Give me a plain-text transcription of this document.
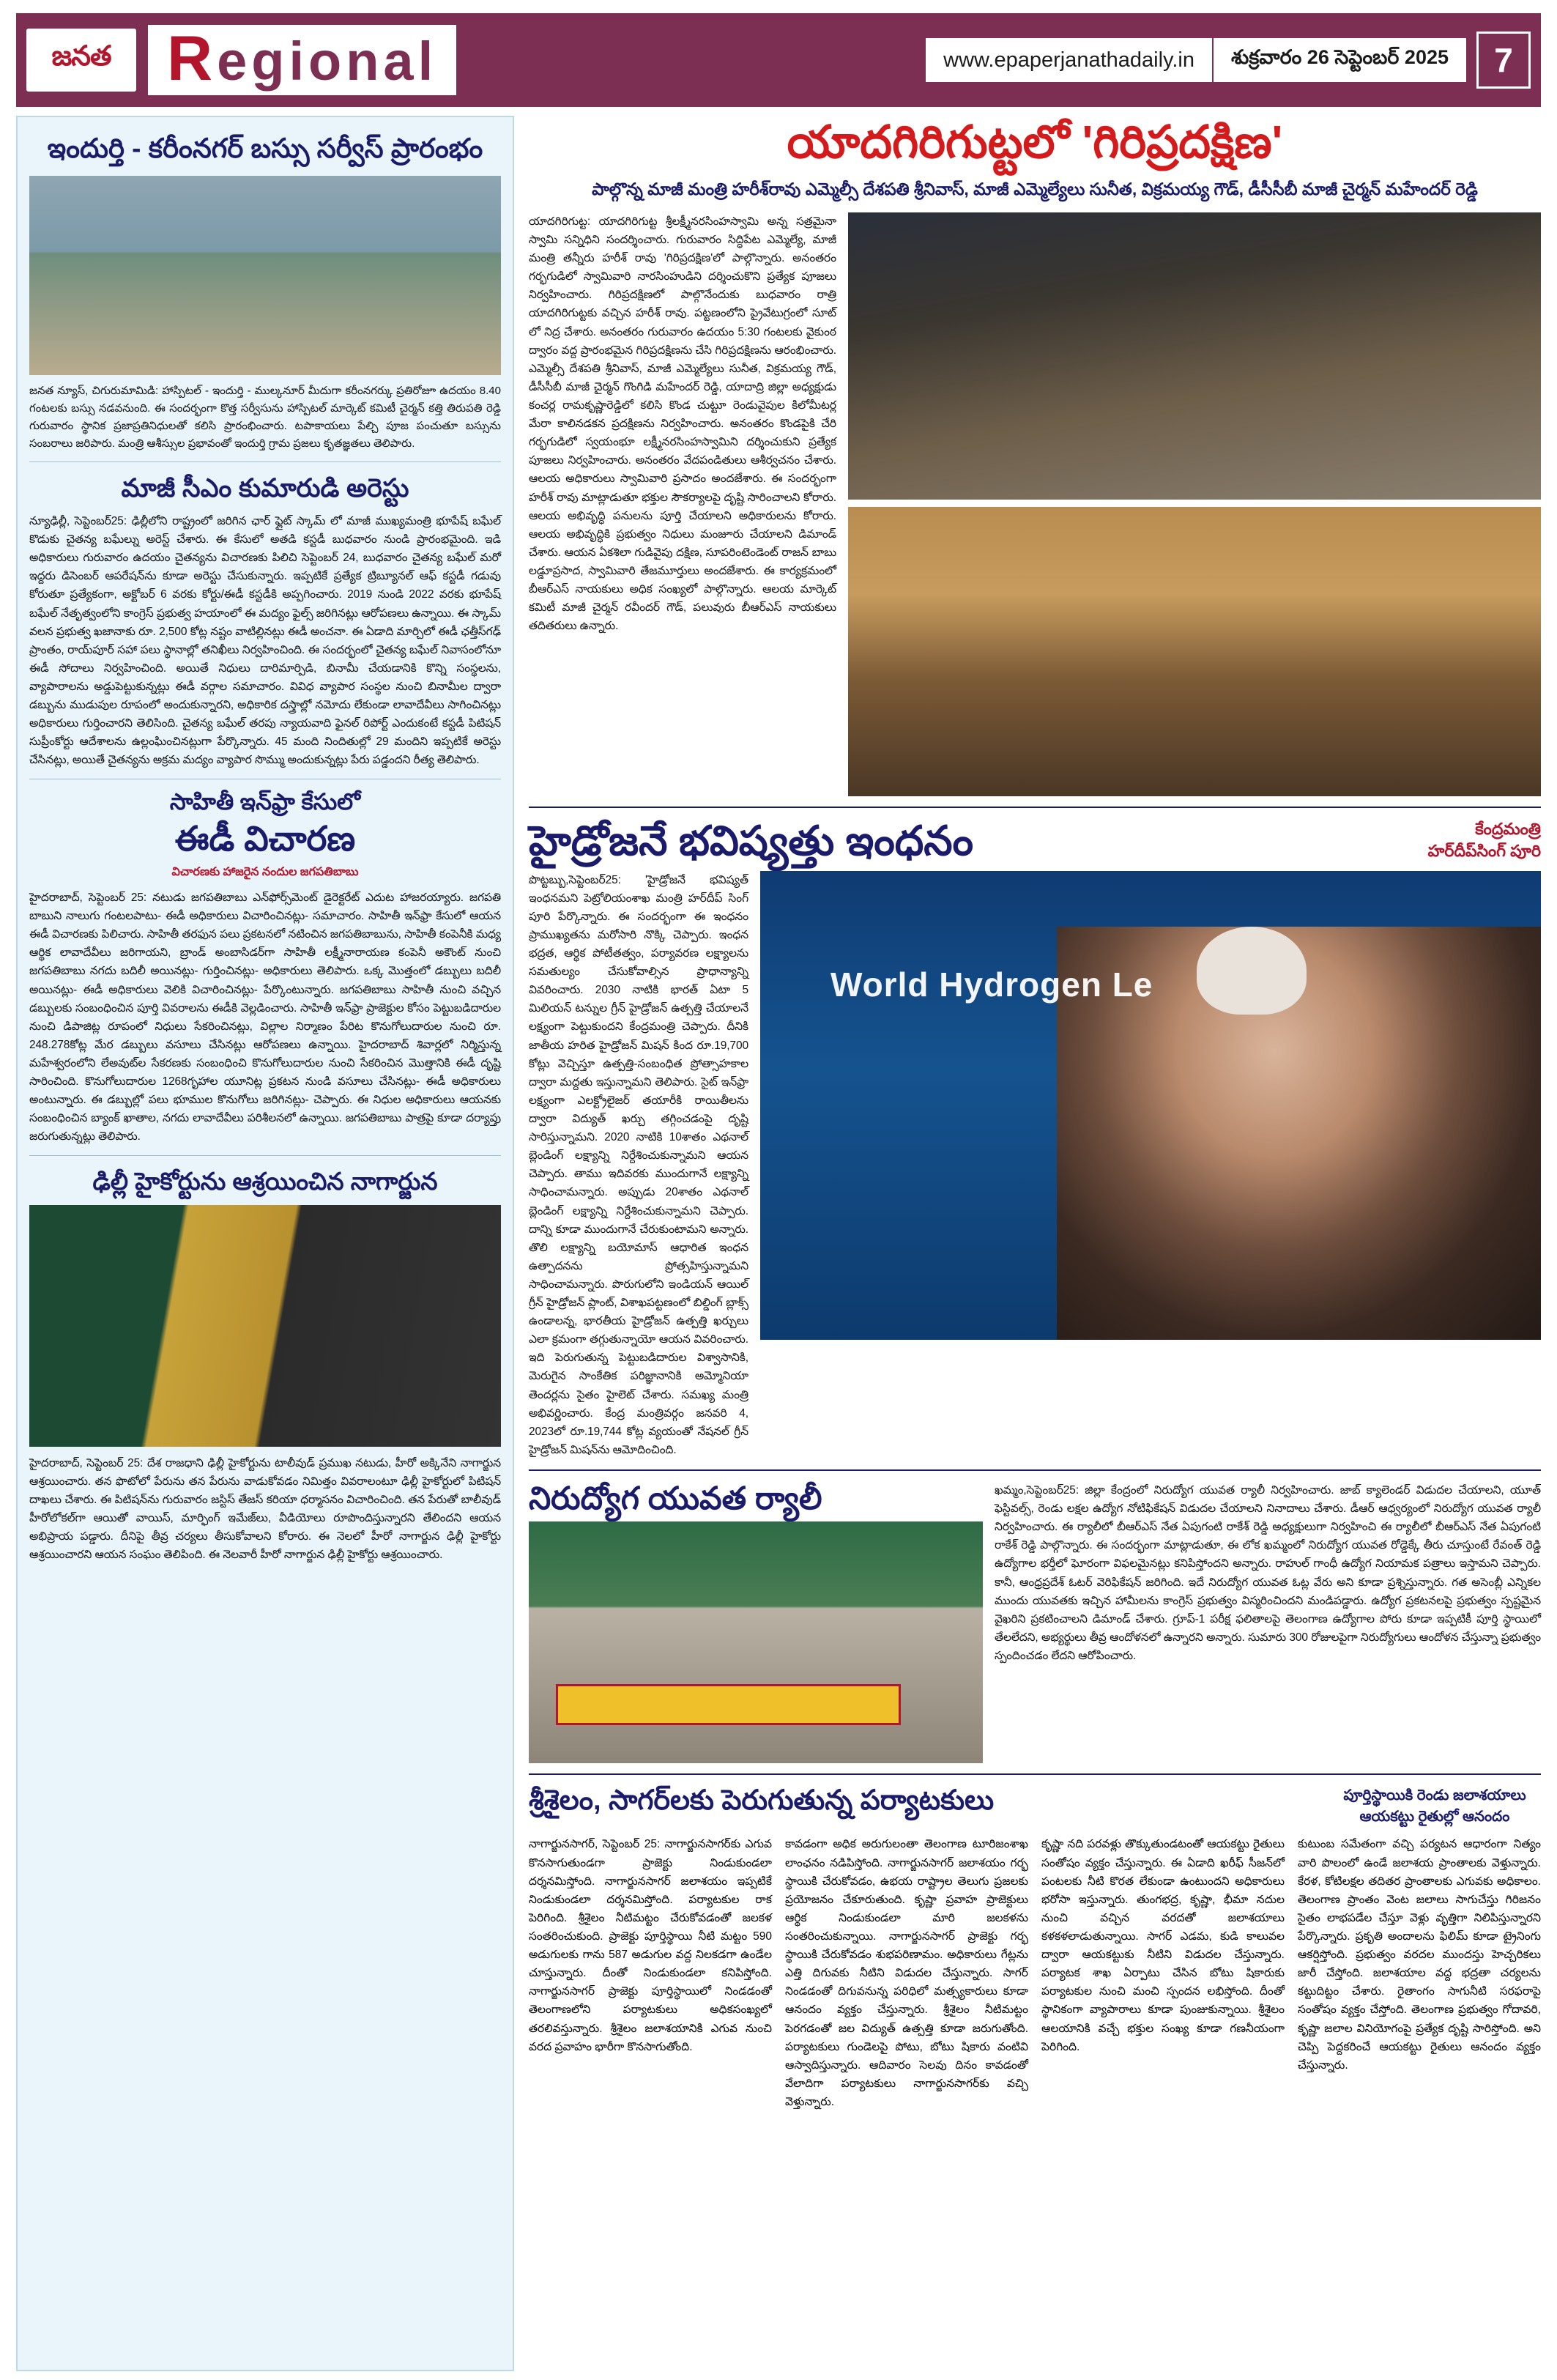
జనత Regional	www.epaperjanathadaily.in	శుక్రవారం 26 సెప్టెంబర్ 2025	7
ఇందుర్తి - కరీంనగర్ బస్సు సర్వీస్ ప్రారంభం
జనత న్యూస్, చిగురుమామిడి: హాస్పిటల్ - ఇందుర్తి - ముల్కనూర్ మీదుగా కరీంనగర్కు ప్రతిరోజూ ఉదయం 8.40 గంటలకు బస్సు నడవనుంది. ఈ సందర్భంగా కొత్త సర్వీసును హాస్పిటల్ మార్కెట్ కమిటీ చైర్మన్ కత్తి తిరుపతి రెడ్డి గురువారం స్థానిక ప్రజాప్రతినిధులతో కలిసి ప్రారంభించారు. టపాకాయలు పేల్చి పూజ పంచుతూ బస్సును సంబరాలు జరిపారు. మంత్రి ఆశీస్సుల ప్రభావంతో ఇందుర్తి గ్రామ ప్రజలు కృతజ్ఞతలు తెలిపారు.
మాజీ సీఎం కుమారుడి అరెస్టు
న్యూఢిల్లీ, సెప్టెంబర్25: ఢిల్లీలోని రాష్ట్రంలో జరిగిన ఛార్ ఫ్లైట్ స్కామ్ లో మాజీ ముఖ్యమంత్రి భూపేష్ బఘేల్ కొడుకు చైతన్య బఘేల్ను అరెస్ట్ చేశారు. ఈ కేసులో అతడి కస్టడీ బుధవారం నుండి ప్రారంభమైంది. ఇడి అధికారులు గురువారం ఉదయం చైతన్యను విచారణకు పిలిచి సెప్టెంబర్ 24, బుధవారం చైతన్య బఘేల్ మరో ఇద్దరు డిసెంబర్ ఆపరేషన్‌ను కూడా అరెస్టు చేసుకున్నారు. ఇప్పటికే ప్రత్యేక ట్రిబ్యూనల్ ఆఫ్ కస్టడీ గడువు కోరుతూ ప్రత్యేకంగా, అక్టోబర్ 6 వరకు కోర్టు/ఈడీ కస్టడీకి అప్పగించారు. 2019 నుండి 2022 వరకు భూపేష్ బఘేల్ నేతృత్వంలోని కాంగ్రెస్ ప్రభుత్వ హయాంలో ఈ మద్యం ఫైల్స్ జరిగినట్లు ఆరోపణలు ఉన్నాయి. ఈ స్కామ్ వలన ప్రభుత్వ ఖజానాకు రూ. 2,500 కోట్ల నష్టం వాటిల్లినట్లు ఈడీ అంచనా. ఈ ఏడాది మార్చిలో ఈడీ ఛత్తీస్‌గఢ్ ప్రాంతం, రాయ్‌పూర్ సహా పలు స్థానాల్లో తనిఖీలు నిర్వహించింది. ఈ సందర్భంలో చైతన్య బఘేల్ నివాసంలోనూ ఈడీ సోదాలు నిర్వహించింది. అయితే నిధులు దారిమార్పిడి, బినామీ చేయడానికి కొన్ని సంస్థలను, వ్యాపారాలను అడ్డుపెట్టుకున్నట్లు ఈడీ వర్గాల సమాచారం. వివిధ వ్యాపార సంస్థల నుంచి బినామీల ద్వారా డబ్బును ముడుపుల రూపంలో అందుకున్నారని, అధికారిక దస్త్రాల్లో నమోదు లేకుండా లావాదేవీలు సాగించినట్లు అధికారులు గుర్తించారని తెలిసింది. చైతన్య బఘేల్ తరపు న్యాయవాది ఫైనల్ రిపోర్ట్ ఎందుకంటే కస్టడీ పిటిషన్ సుప్రీంకోర్టు ఆదేశాలను ఉల్లంఘించినట్లుగా పేర్కొన్నారు. 45 మంది నిందితుల్లో 29 మందిని ఇప్పటికే అరెస్టు చేసినట్లు, అయితే చైతన్యను అక్రమ మద్యం వ్యాపార సొమ్ము అందుకున్నట్లు పేరు పడ్డందని రీత్య తెలిపారు.
సాహితీ ఇన్‌ఫ్రా కేసులో
ఈడీ విచారణ
విచారణకు హాజరైన నందుల జగపతిబాబు
హైదరాబాద్, సెప్టెంబర్ 25: నటుడు జగపతిబాబు ఎన్‌ఫోర్స్‌మెంట్ డైరెక్టరేట్ ఎదుట హాజరయ్యారు. జగపతి బాబుని నాలుగు గంటలపాటు- ఈడీ అధికారులు విచారించినట్లు- సమాచారం. సాహితీ ఇన్‌ఫ్రా కేసులో ఆయన ఈడీ విచారణకు పిలిచారు. సాహితీ తరఫున పలు ప్రకటనలో నటించిన జగపతిబాబును, సాహితీ కంపెనీకి మధ్య ఆర్థిక లావాదేవీలు జరిగాయని, బ్రాండ్ అంబాసిడర్‌గా సాహితీ లక్ష్మీనారాయణ కంపెనీ అకౌంట్ నుంచి జగపతిబాబు నగదు బదిలీ అయినట్లు- గుర్తించినట్లు- అధికారులు తెలిపారు. ఒక్క మొత్తంలో డబ్బులు బదిలీ అయినట్లు- ఈడీ అధికారులు వెలికి విచారించినట్లు- పేర్కొంటున్నారు. జగపతిబాబు సాహితీ నుంచి వచ్చిన డబ్బులకు సంబంధించిన పూర్తి వివరాలను ఈడీకి వెల్లడించారు. సాహితీ ఇన్‌ఫ్రా ప్రాజెక్టుల కోసం పెట్టుబడిదారుల నుంచి డిపాజిట్ల రూపంలో నిధులు సేకరించినట్లు, విల్లాల నిర్మాణం పేరిట కొనుగోలుదారుల నుంచి రూ. 248.278కోట్ల మేర డబ్బులు వసూలు చేసినట్లు ఆరోపణలు ఉన్నాయి. హైదరాబాద్ శివార్లలో నిర్మిస్తున్న మహేశ్వరంలోని లేఅవుట్‌ల సేకరణకు సంబంధించి కొనుగోలుదారుల నుంచి సేకరించిన మొత్తానికి ఈడీ దృష్టి సారించింది. కొనుగోలుదారుల 1268గృహాల యూనిట్ల ప్రకటన నుండి వసూలు చేసినట్లు- ఈడీ అధికారులు అంటున్నారు. ఈ డబ్బుల్లో పలు భూముల కొనుగోలు జరిగినట్లు- చెప్పారు. ఈ నిధుల అధికారులు ఆయనకు సంబంధించిన బ్యాంక్ ఖాతాల, నగదు లావాదేవీలు పరిశీలనలో ఉన్నాయి. జగపతిబాబు పాత్రపై కూడా దర్యాప్తు జరుగుతున్నట్లు తెలిపారు.
ఢిల్లీ హైకోర్టును ఆశ్రయించిన నాగార్జున
హైదరాబాద్, సెప్టెంబర్ 25: దేశ రాజధాని ఢిల్లీ హైకోర్టును టాలీవుడ్ ప్రముఖ నటుడు, హీరో అక్కినేని నాగార్జున ఆశ్రయించారు. తన ఫొటోలో పేరును తన పేరును వాడుకోవడం నిమిత్తం వివరాలంటూ ఢిల్లీ హైకోర్టులో పిటిషన్ దాఖలు చేశారు. ఈ పిటిషన్‌ను గురువారం జస్టిస్ తేజస్ కరియా ధర్మాసనం విచారించింది. తన పేరుతో బాలీవుడ్ హీరోలోకల్‌గా ఆయితో వాయిస్, మార్ఫింగ్ ఇమేజ్‌లు, వీడియోలు రూపొందిస్తున్నారని తేలిందని ఆయన అభిప్రాయ పడ్డారు. దీనిపై తీవ్ర చర్యలు తీసుకోవాలని కోరారు. ఈ నెలలో హీరో నాగార్జున ఢిల్లీ హైకోర్టు ఆశ్రయించారని ఆయన సంఘం తెలిపింది. ఈ నెలవారీ హీరో నాగార్జున ఢిల్లీ హైకోర్టు ఆశ్రయించారు.
యాదగిరిగుట్టలో 'గిరిప్రదక్షిణ'
పాల్గొన్న మాజీ మంత్రి హరీశ్‌రావు ఎమ్మెల్సీ దేశపతి శ్రీనివాస్, మాజీ ఎమ్మెల్యేలు సునీత, విక్రమయ్య గౌడ్, డీసీసీబీ మాజీ చైర్మన్ మహేందర్ రెడ్డి
యాదగిరిగుట్ట: యాదగిరిగుట్ట శ్రీలక్ష్మీనరసింహస్వామి అన్న సత్రమైనా స్వామి సన్నిధిని సందర్శించారు. గురువారం సిద్ధిపేట ఎమ్మెల్యే, మాజీ మంత్రి తన్నీరు హరీశ్ రావు 'గిరిప్రదక్షిణ'లో పాల్గొన్నారు. అనంతరం గర్భగుడిలో స్వామివారి నారసింహుడిని దర్శించుకొని ప్రత్యేక పూజలు నిర్వహించారు. గిరిప్రదక్షిణలో పాల్గొనేందుకు బుధవారం రాత్రి యాదగిరిగుట్టకు వచ్చిన హరీశ్ రావు. పట్టణంలోని ప్రైవేటుగ్రంలో సూట్ లో నిద్ర చేశారు. అనంతరం గురువారం ఉదయం 5:30 గంటలకు వైకుంఠ ద్వారం వద్ద ప్రారంభమైన గిరిప్రదక్షిణను చేసి గిరిప్రదక్షిణను ఆరంభించారు. ఎమ్మెల్సీ దేశపతి శ్రీనివాస్, మాజీ ఎమ్మెల్యేలు సునీత, విక్రమయ్య గౌడ్, డీసీసీబీ మాజీ చైర్మన్ గొంగిడి మహేందర్ రెడ్డి, యాదాద్రి జిల్లా అధ్యక్షుడు కంచర్ల రామకృష్ణారెడ్డిలో కలిసి కొండ చుట్టూ రెండువైపుల కిలోమీటర్ల మేరా కాలినడకన ప్రదక్షిణను నిర్వహించారు. అనంతరం కొండపైకి చేరి గర్భగుడిలో స్వయంభూ లక్ష్మీనరసింహస్వామిని దర్శించుకుని ప్రత్యేక పూజలు నిర్వహించారు. అనంతరం వేదపండితులు ఆశీర్వచనం చేశారు. ఆలయ అధికారులు స్వామివారి ప్రసాదం అందజేశారు. ఈ సందర్భంగా హరీశ్ రావు మాట్లాడుతూ భక్తుల సౌకర్యాలపై దృష్టి సారించాలని కోరారు. ఆలయ అభివృద్ధి పనులను పూర్తి చేయాలని అధికారులను కోరారు. ఆలయ అభివృద్ధికి ప్రభుత్వం నిధులు మంజూరు చేయాలని డిమాండ్ చేశారు. ఆయన ఏకశిలా గుడివైపు దక్షిణ, సూపరింటెండెంట్ రాజన్ బాబు లడ్డూప్రసాద, స్వామివారి తేజమూర్తులు అందజేశారు. ఈ కార్యక్రమంలో బీఆర్ఎస్ నాయకులు అధిక సంఖ్యలో పాల్గొన్నారు. ఆలయ మార్కెట్ కమిటీ మాజీ చైర్మన్ రవీందర్ గౌడ్, పలువురు బీఆర్ఎస్ నాయకులు తదితరులు ఉన్నారు.
హైడ్రోజనే భవిష్యత్తు ఇంధనం	కేంద్రమంత్రి
హర్‌దీప్‌సింగ్ పూరి
పొట్టబ్బు,సెప్టెంబర్25: 'హైడ్రోజనే భవిష్యత్ ఇంధనమని పెట్రోలియంశాఖ మంత్రి హర్‌దీప్ సింగ్ పూరి పేర్కొన్నారు. ఈ సందర్భంగా ఈ ఇంధనం ప్రాముఖ్యతను మరోసారి నొక్కి చెప్పారు. ఇంధన భద్రత, ఆర్థిక పోటీతత్వం, పర్యావరణ లక్ష్యాలను సమతుల్యం చేసుకోవాల్సిన ప్రాధాన్యాన్ని వివరించారు. 2030 నాటికి భారత్ ఏటా 5 మిలియన్ టన్నుల గ్రీన్ హైడ్రోజన్ ఉత్పత్తి చేయాలనే లక్ష్యంగా పెట్టుకుందని కేంద్రమంత్రి చెప్పారు. దీనికి జాతీయ హరిత హైడ్రోజన్ మిషన్ కింద రూ.19,700 కోట్లు వెచ్చిస్తూ ఉత్పత్తి-సంబంధిత ప్రోత్సాహకాల ద్వారా మద్దతు ఇస్తున్నామని తెలిపారు. సైట్ ఇన్‌ఫ్రా లక్ష్యంగా ఎలక్ట్రోలైజర్ తయారీకి రాయితీలను ద్వారా విద్యుత్ ఖర్చు తగ్గించడంపై దృష్టి సారిస్తున్నామని. 2020 నాటికి 10శాతం ఎథనాల్ బ్లెండింగ్ లక్ష్యాన్ని నిర్దేశించుకున్నామని ఆయన చెప్పారు. తాము ఇదివరకు ముందుగానే లక్ష్యాన్ని సాధించామన్నారు. అప్పుడు 20శాతం ఎథనాల్ బ్లెండింగ్ లక్ష్యాన్ని నిర్దేశించుకున్నామని చెప్పారు. దాన్ని కూడా ముందుగానే చేరుకుంటామని అన్నారు. తొలి లక్ష్యాన్ని బయోమాస్ ఆధారిత ఇంధన ఉత్పాదనను ప్రోత్సహిస్తున్నామని సాధించామన్నారు. పొరుగులోని ఇండియన్ ఆయిల్ గ్రీన్ హైడ్రోజన్ ప్లాంట్, విశాఖపట్టణంలో బిల్డింగ్ బ్లాక్స్ ఉండాలన్న, భారతీయ హైడ్రోజన్ ఉత్పత్తి ఖర్చులు ఎలా క్రమంగా తగ్గుతున్నాయో ఆయన వివరించారు. ఇది పెరుగుతున్న పెట్టుబడిదారుల విశ్వాసానికి, మెరుగైన సాంకేతిక పరిజ్ఞానానికి అమ్మోనియా తెందర్లను సైతం హైలెట్ చేశారు. సమఖ్య మంత్రి అభివర్ణించారు. కేంద్ర మంత్రివర్గం జనవరి 4, 2023లో రూ.19,744 కోట్ల వ్యయంతో నేషనల్ గ్రీన్ హైడ్రోజన్ మిషన్‌ను ఆమోదించింది.
World Hydrogen Le
నిరుద్యోగ యువత ర్యాలీ	ఖమ్మం,సెప్టెంబర్25: జిల్లా కేంద్రంలో నిరుద్యోగ యువత ర్యాలీ నిర్వహించారు. జాబ్ క్యాలెండర్ విడుదల చేయాలని, యూత్ ఫెస్టివల్స్, రెండు లక్షల ఉద్యోగ నోటిఫికేషన్ విడుదల చేయాలని నినాదాలు చేశారు. డీఆర్ ఆధ్వర్యంలో నిరుద్యోగ యువత ర్యాలీ నిర్వహించారు. ఈ ర్యాలీలో బీఆర్ఎస్ నేత ఏపుగంటి రాకేశ్ రెడ్డి అధ్యక్షులుగా నిర్వహించి ఈ ర్యాలీలో బీఆర్ఎస్ నేత ఏపుగంటి రాకేశ్ రెడ్డి పాల్గొన్నారు. ఈ సందర్భంగా మాట్లాడుతూ, ఈ లోక ఖమ్మంలో నిరుద్యోగ యువత రోడ్డెక్కే తీరు చూస్తుంటే రేవంత్ రెడ్డి ఉద్యోగాల భర్తీలో ఘోరంగా విఫలమైనట్లు కనిపిస్తోందని అన్నారు. రాహుల్ గాంధీ ఉద్యోగ నియామక పత్రాలు ఇస్తామని చెప్పారు. కానీ, ఆంధ్రప్రదేశ్ ఓటర్ వెరిఫికేషన్ జరిగింది. ఇదే నిరుద్యోగ యువత ఓట్ల వేరు అని కూడా ప్రశ్నిస్తున్నారు. గత అసెంబ్లీ ఎన్నికల ముందు యువతకు ఇచ్చిన హామీలను కాంగ్రెస్ ప్రభుత్వం విస్మరించిందని మండిపడ్డారు. ఉద్యోగ ప్రకటనలపై ప్రభుత్వం స్పష్టమైన వైఖరిని ప్రకటించాలని డిమాండ్ చేశారు. గ్రూప్-1 పరీక్ష ఫలితాలపై తెలంగాణ ఉద్యోగాల పోరు కూడా ఇప్పటికీ పూర్తి స్థాయిలో తేలలేదని, అభ్యర్థులు తీవ్ర ఆందోళనలో ఉన్నారని అన్నారు. సుమారు 300 రోజులపైగా నిరుద్యోగులు ఆందోళన చేస్తున్నా ప్రభుత్వం స్పందించడం లేదని ఆరోపించారు.
శ్రీశైలం, సాగర్‌లకు పెరుగుతున్న పర్యాటకులు	పూర్తిస్థాయికి రెండు జలాశయాలు
ఆయకట్టు రైతుల్లో ఆనందం
నాగార్జునసాగర్, సెప్టెంబర్ 25: నాగార్జునసాగర్‌కు ఎగువ కొనసాగుతుండగా ప్రాజెక్టు నిండుకుండలా దర్శనమిస్తోంది. నాగార్జునసాగర్ జలాశయం ఇప్పటికే నిండుకుండలా దర్శనమిస్తోంది. పర్యాటకుల రాక పెరిగింది. శ్రీశైలం నీటిమట్టం చేరుకోవడంతో జలకళ సంతరించుకుంది. ప్రాజెక్టు పూర్తిస్థాయి నీటి మట్టం 590 అడుగులకు గాను 587 అడుగుల వద్ద నిలకడగా ఉండేల చూస్తున్నారు. దీంతో నిండుకుండలా కనిపిస్తోంది. నాగార్జునసాగర్ ప్రాజెక్టు పూర్తిస్థాయిలో నిండడంతో తెలంగాణలోని పర్యాటకులు అధికసంఖ్యలో తరలివస్తున్నారు. శ్రీశైలం జలాశయానికి ఎగువ నుంచి వరద ప్రవాహం భారీగా కొనసాగుతోంది.
కావడంగా అధిక అరుగులంతా తెలంగాణ టూరిజంశాఖ లాంఛనం నడిపిస్తోంది. నాగార్జునసాగర్ జలాశయం గర్భ స్థాయికి చేరుకోవడం, ఉభయ రాష్ట్రాల తెలుగు ప్రజలకు ప్రయోజనం చేకూరుతుంది. కృష్ణా ప్రవాహ ప్రాజెక్టులు ఆర్థిక నిండుకుండలా మారి జలకళను సంతరించుకున్నాయి. నాగార్జునసాగర్ ప్రాజెక్టు గర్భ స్థాయికి చేరుకోవడం శుభపరిణామం. అధికారులు గేట్లను ఎత్తి దిగువకు నీటిని విడుదల చేస్తున్నారు. సాగర్ నిండడంతో దిగువనున్న పరిధిలో మత్స్యకారులు కూడా ఆనందం వ్యక్తం చేస్తున్నారు. శ్రీశైలం నీటిమట్టం పెరగడంతో జల విద్యుత్ ఉత్పత్తి కూడా జరుగుతోంది. పర్యాటకులు గుండెలపై పోటు, బోటు షికారు వంటివి ఆస్వాదిస్తున్నారు. ఆదివారం సెలవు దినం కావడంతో వేలాదిగా పర్యాటకులు నాగార్జునసాగర్‌కు వచ్చి వెళ్తున్నారు.
కృష్ణా నది పరవళ్లు తొక్కుతుండటంతో ఆయకట్టు రైతులు సంతోషం వ్యక్తం చేస్తున్నారు. ఈ ఏడాది ఖరీఫ్ సీజన్‌లో పంటలకు నీటి కొరత లేకుండా ఉంటుందని అధికారులు భరోసా ఇస్తున్నారు. తుంగభద్ర, కృష్ణా, భీమా నదుల నుంచి వచ్చిన వరదతో జలాశయాలు కళకళలాడుతున్నాయి. సాగర్ ఎడమ, కుడి కాలువల ద్వారా ఆయకట్టుకు నీటిని విడుదల చేస్తున్నారు. పర్యాటక శాఖ ఏర్పాటు చేసిన బోటు షికారుకు పర్యాటకుల నుంచి మంచి స్పందన లభిస్తోంది. దీంతో స్థానికంగా వ్యాపారాలు కూడా పుంజుకున్నాయి. శ్రీశైలం ఆలయానికి వచ్చే భక్తుల సంఖ్య కూడా గణనీయంగా పెరిగింది.
కుటుంబ సమేతంగా వచ్చి పర్యటన ఆధారంగా నిత్యం వారి పొలంలో ఉండే జలాశయ ప్రాంతాలకు వెళ్తున్నారు. కేరళ, కోటిలక్షల తదితర ప్రాంతాలకు ఎగువకు అధికాలం. తెలంగాణ ప్రాంతం వెంట జలాలు సాగుచేస్తు గిరిజనం సైతం లాభపడేల చేస్తూ వెళ్లు వృత్తిగా నిలిపిస్తున్నారని పేర్కొన్నారు. ప్రకృతి అందాలను ఫిలిమ్ కూడా ట్రైనింగు ఆకర్షిస్తోంది. ప్రభుత్వం వరదల ముందస్తు హెచ్చరికలు జారీ చేస్తోంది. జలాశయాల వద్ద భద్రతా చర్యలను కట్టుదిట్టం చేశారు. రైతాంగం సాగునీటి సరఫరాపై సంతోషం వ్యక్తం చేస్తోంది. తెలంగాణ ప్రభుత్వం గోదావరి, కృష్ణా జలాల వినియోగంపై ప్రత్యేక దృష్టి సారిస్తోంది. అని చెప్పి పెద్దకరించే ఆయకట్టు రైతులు ఆనందం వ్యక్తం చేస్తున్నారు.
